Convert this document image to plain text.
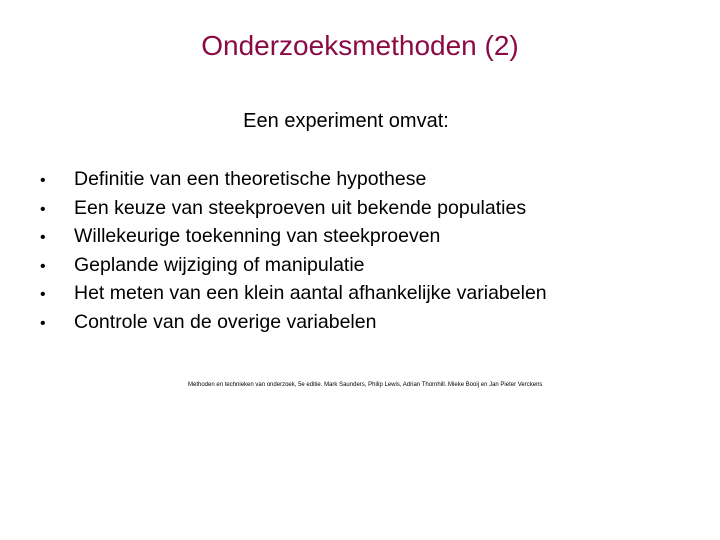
Onderzoeksmethoden (2)
Een experiment omvat:
•	Definitie van een theoretische hypothese
•	Een keuze van steekproeven uit bekende populaties
•	Willekeurige toekenning van steekproeven
•	Geplande wijziging of manipulatie
•	Het meten van een klein aantal afhankelijke variabelen
•	Controle van de overige variabelen
Methoden en technieken van onderzoek, 5e editie. Mark Saunders, Philip Lewis, Adrian Thornhill. Mieke Booij en Jan Pieter Verckens
